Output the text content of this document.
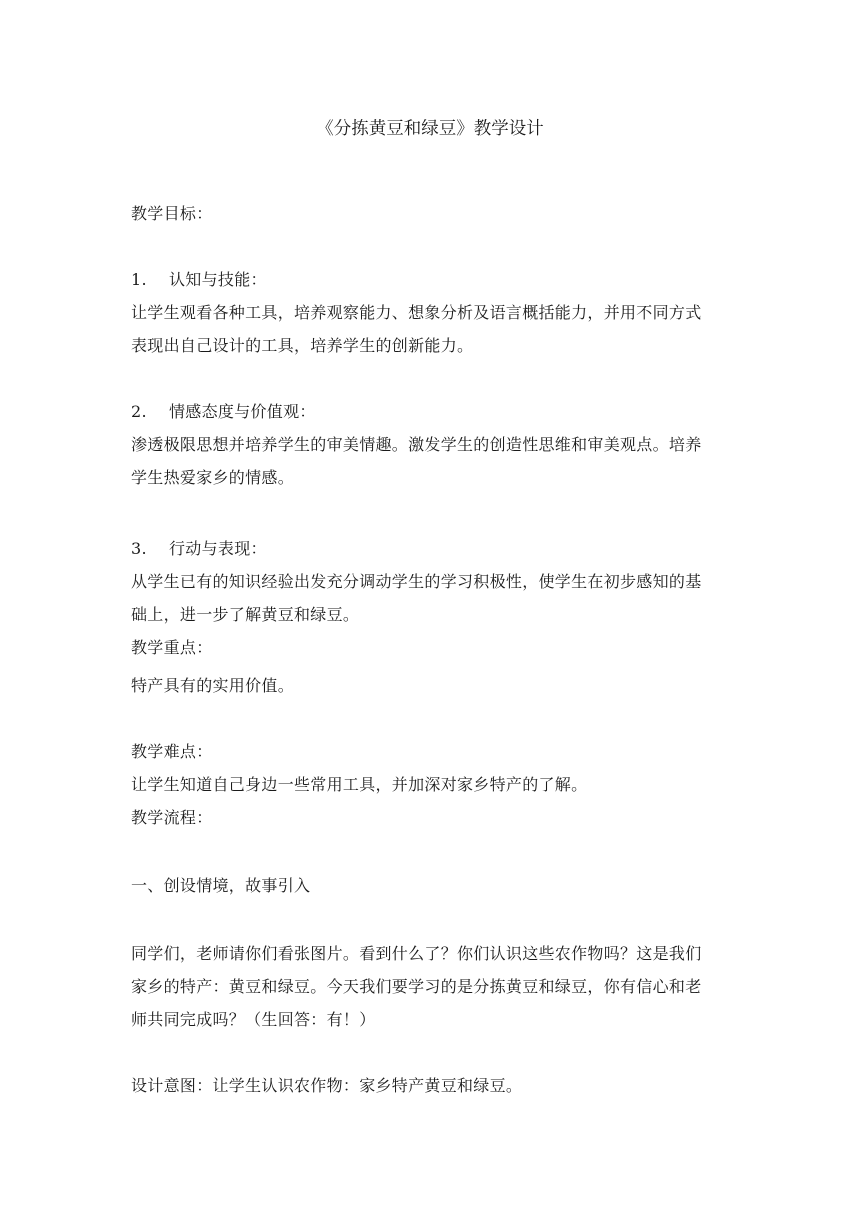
《分拣黄豆和绿豆》教学设计
教学目标：
1. 认知与技能：
让学生观看各种工具，培养观察能力、想象分析及语言概括能力，并用不同方式
表现出自己设计的工具，培养学生的创新能力。
2. 情感态度与价值观：
渗透极限思想并培养学生的审美情趣。激发学生的创造性思维和审美观点。培养
学生热爱家乡的情感。
3. 行动与表现：
从学生已有的知识经验出发充分调动学生的学习积极性，使学生在初步感知的基
础上，进一步了解黄豆和绿豆。
教学重点：
特产具有的实用价值。
教学难点：
让学生知道自己身边一些常用工具，并加深对家乡特产的了解。
教学流程：
一、创设情境，故事引入
同学们，老师请你们看张图片。看到什么了？你们认识这些农作物吗？这是我们
家乡的特产：黄豆和绿豆。今天我们要学习的是分拣黄豆和绿豆，你有信心和老
师共同完成吗？（生回答：有！）
设计意图：让学生认识农作物：家乡特产黄豆和绿豆。
